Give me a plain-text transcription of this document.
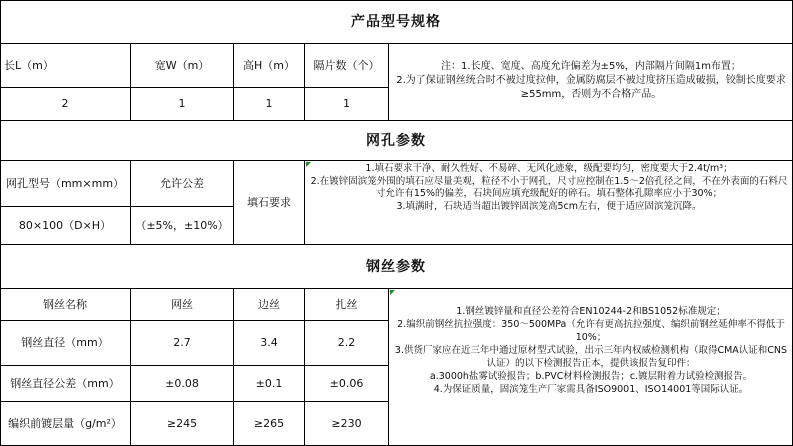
产品型号规格
长L（m）	宽W（m）	高H（m）	隔片数（个）
2	1	1	1
注：1.长度、宽度、高度允许偏差为±5%，内部隔片间隔1m布置；
2.为了保证钢丝统合时不被过度拉伸，金属防腐层不被过度挤压造成破损，铰制长度要求≥55mm，否则为不合格产品。
网孔参数
网孔型号（mm×mm）	允许公差
80×100（D×H）	（±5%，±10%）
填石要求
1.填石要求干净、耐久性好、不易碎、无风化迹象，级配要均匀，密度要大于2.4t/m³；
2.在镀锌固滨笼外围的填石应尽量美观，粒径不小于网孔，尺寸应控制在1.5～2倍孔径之间，不在外表面的石料尺寸允许有15%的偏差，石块间应填充级配好的碎石。填石整体孔隙率应小于30%；
3.填满时，石块适当超出镀锌固滨笼高5cm左右，便于适应固滨笼沉降。
钢丝参数
钢丝名称	网丝	边丝	扎丝
钢丝直径（mm）	2.7	3.4	2.2
钢丝直径公差（mm）	±0.08	±0.1	±0.06
编织前镀层量（g/m²）	≥245	≥265	≥230
1.钢丝镀锌量和直径公差符合EN10244-2和BS1052标准规定；
2.编织前钢丝抗拉强度：350～500MPa（允许有更高抗拉强度、编织前钢丝延伸率不得低于10%；
3.供货厂家应在近三年中通过原材型式试验，出示三年内权威检测机构（取得CMA认证和CNS认证）的以下检测报告正本，提供该报告复印件：
a.3000h盐雾试验报告；b.PVC材料检测报告；c.镀层附着力试验检测报告。
4.为保证质量，固滨笼生产厂家需具备ISO9001、ISO14001等国际认证。
